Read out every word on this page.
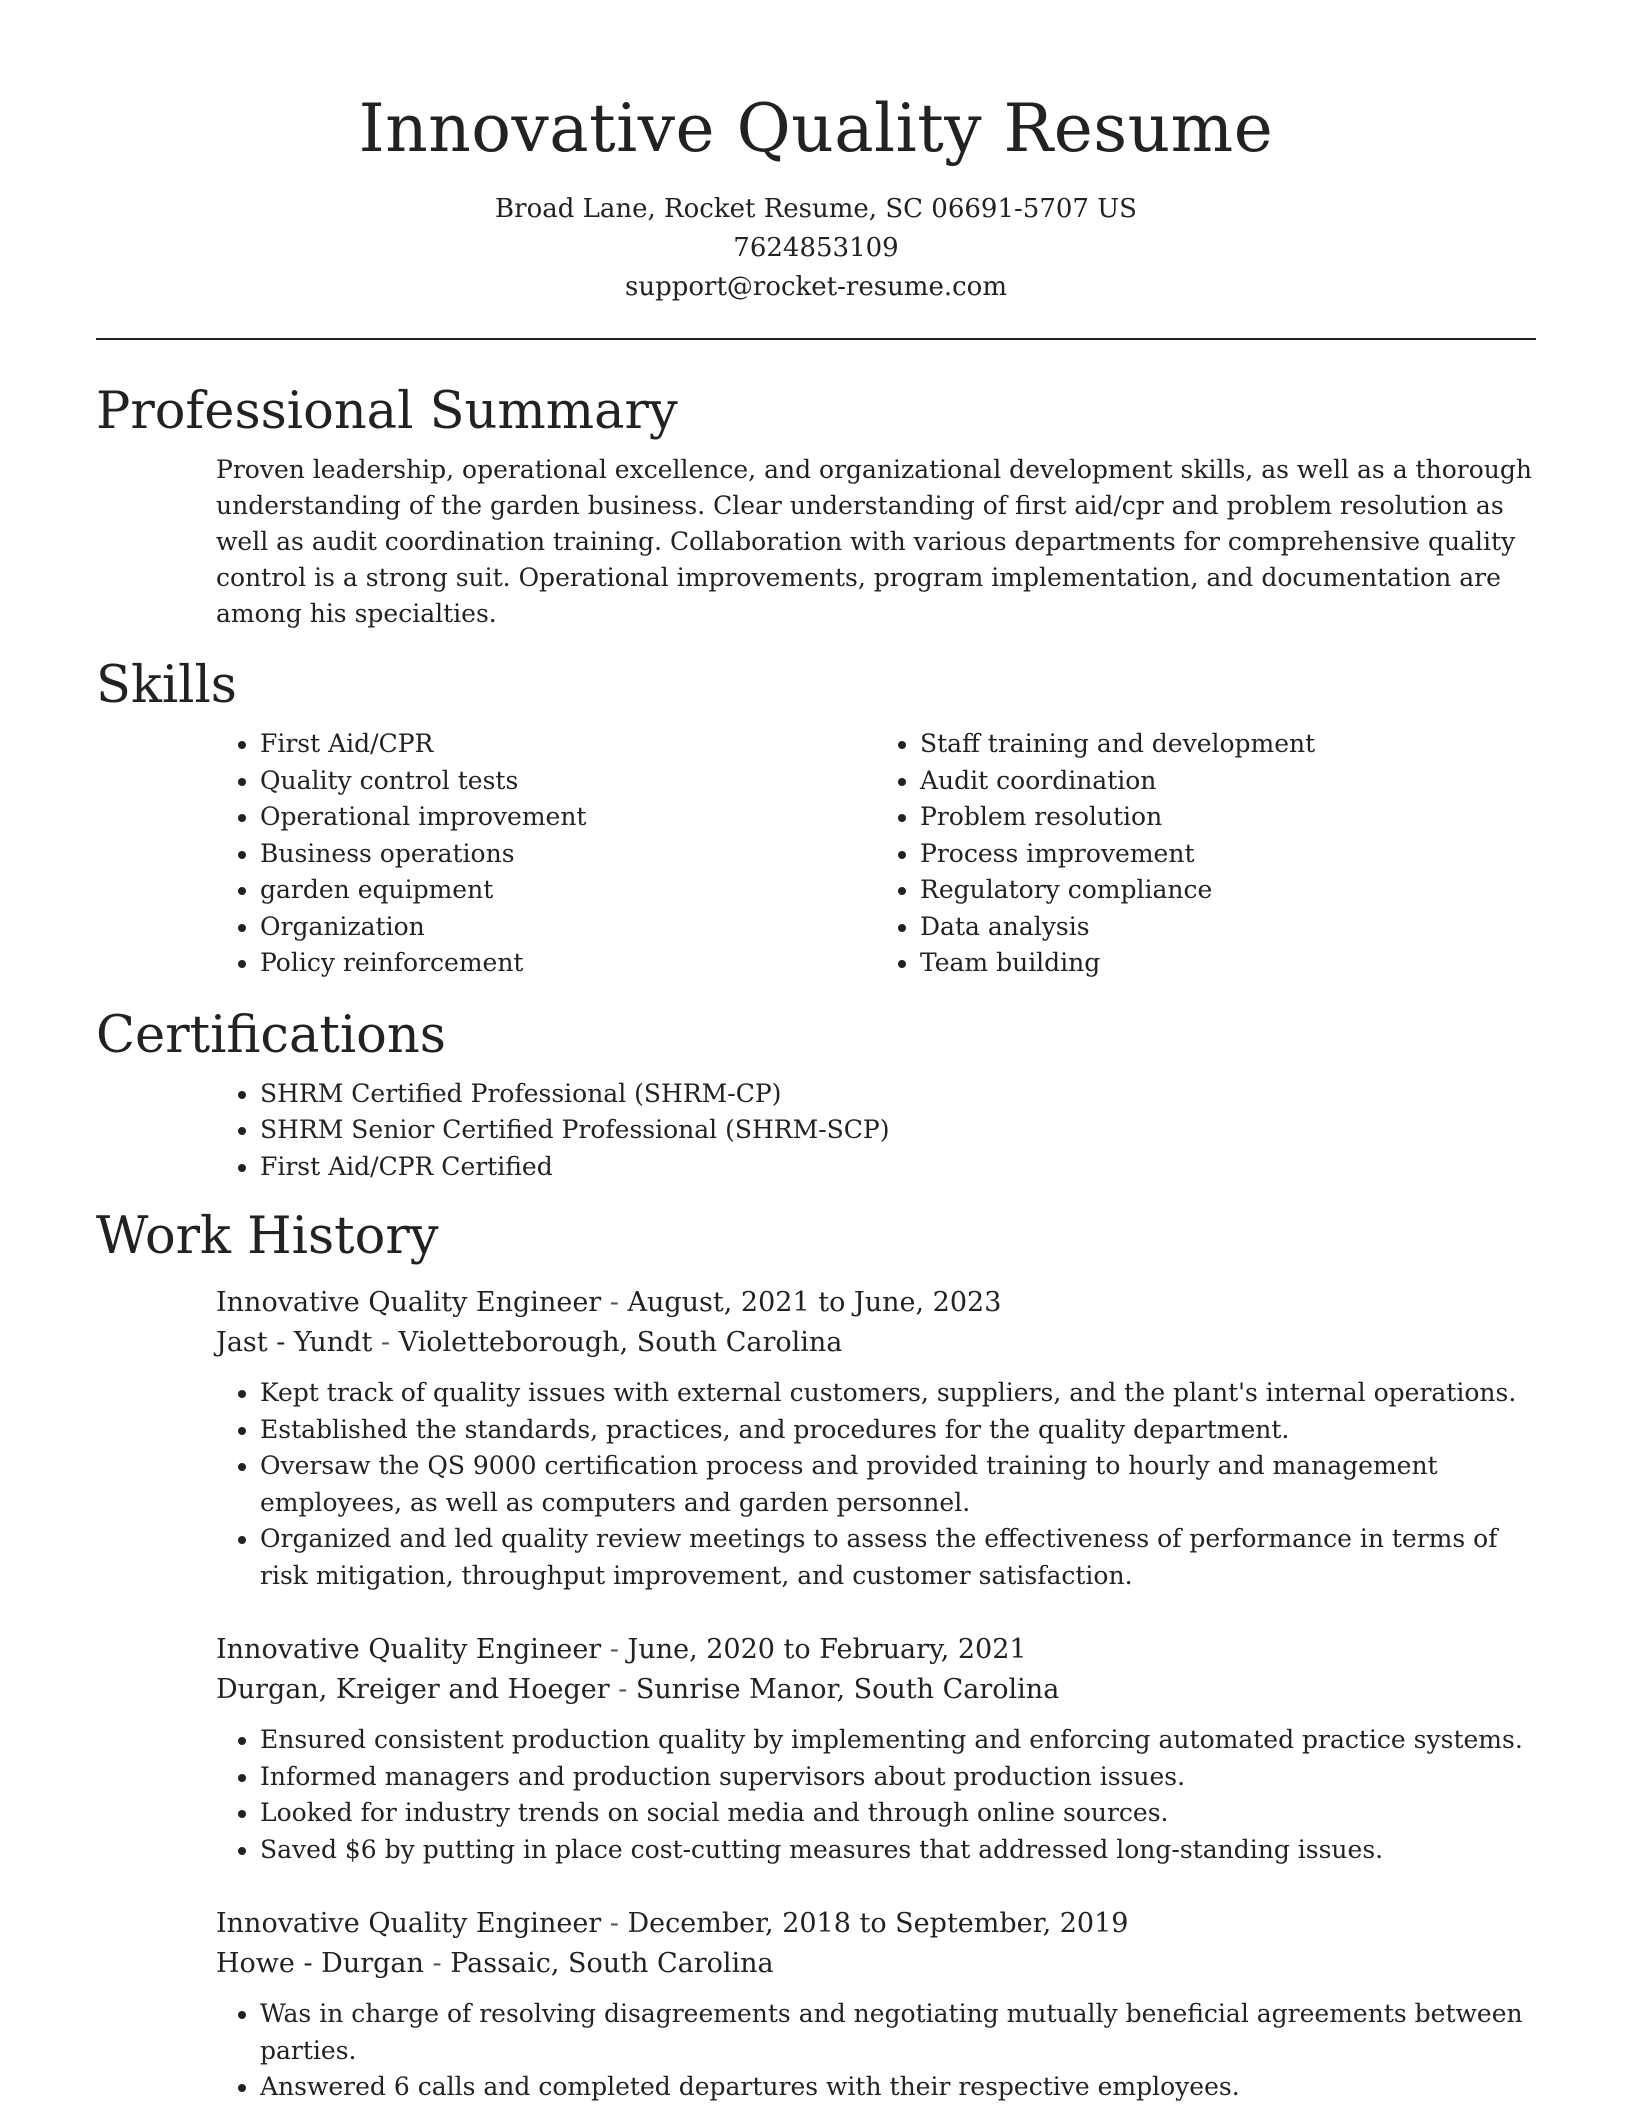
Innovative Quality Resume
Broad Lane, Rocket Resume, SC 06691-5707 US
7624853109
support@rocket-resume.com
Professional Summary

Proven leadership, operational excellence, and organizational development skills, as well as a thorough understanding of the garden business. Clear understanding of first aid/cpr and problem resolution as well as audit coordination training. Collaboration with various departments for comprehensive quality control is a strong suit. Operational improvements, program implementation, and documentation are among his specialties.

Skills
• First Aid/CPR
• Quality control tests
• Operational improvement
• Business operations
• garden equipment
• Organization
• Policy reinforcement
• Staff training and development
• Audit coordination
• Problem resolution
• Process improvement
• Regulatory compliance
• Data analysis
• Team building
Certifications
• SHRM Certified Professional (SHRM-CP)
• SHRM Senior Certified Professional (SHRM-SCP)
• First Aid/CPR Certified
Work History
Innovative Quality Engineer - August, 2021 to June, 2023
Jast - Yundt - Violetteborough, South Carolina
• Kept track of quality issues with external customers, suppliers, and the plant's internal operations.
• Established the standards, practices, and procedures for the quality department.
• Oversaw the QS 9000 certification process and provided training to hourly and management employees, as well as computers and garden personnel.
• Organized and led quality review meetings to assess the effectiveness of performance in terms of risk mitigation, throughput improvement, and customer satisfaction.
Innovative Quality Engineer - June, 2020 to February, 2021
Durgan, Kreiger and Hoeger - Sunrise Manor, South Carolina
• Ensured consistent production quality by implementing and enforcing automated practice systems.
• Informed managers and production supervisors about production issues.
• Looked for industry trends on social media and through online sources.
• Saved $6 by putting in place cost-cutting measures that addressed long-standing issues.
Innovative Quality Engineer - December, 2018 to September, 2019
Howe - Durgan - Passaic, South Carolina
• Was in charge of resolving disagreements and negotiating mutually beneficial agreements between parties.
• Answered 6 calls and completed departures with their respective employees.
